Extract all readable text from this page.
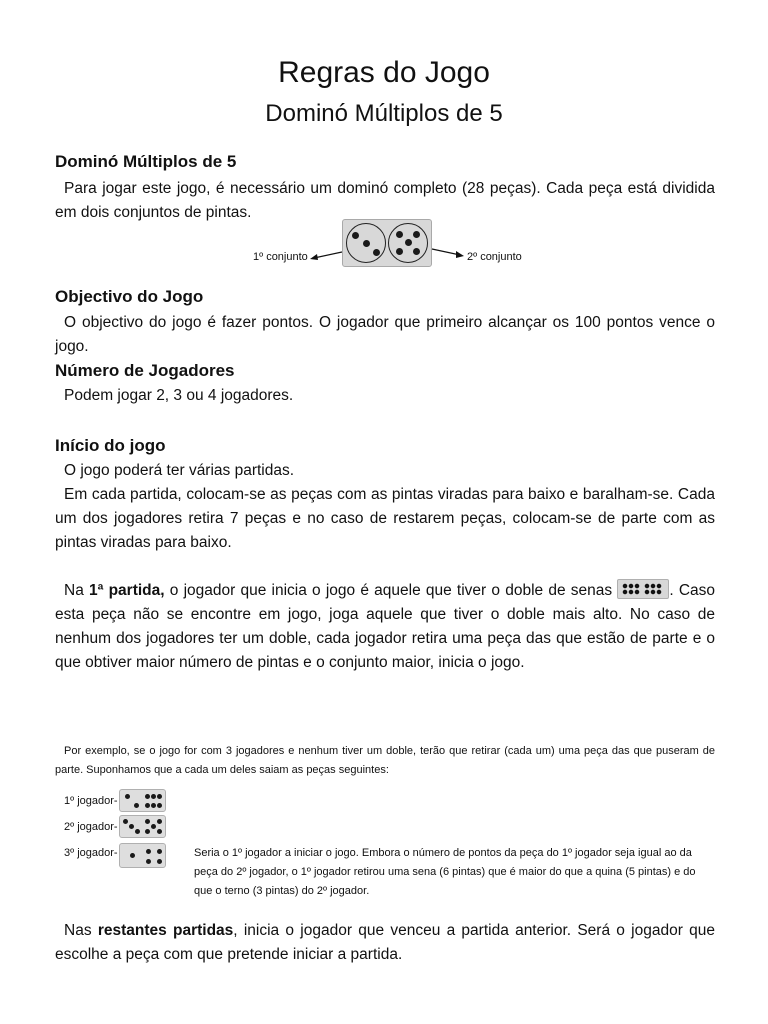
Regras do Jogo
Dominó Múltiplos de 5
Dominó Múltiplos de 5

Para jogar este jogo, é necessário um dominó completo (28 peças). Cada peça está dividida em dois conjuntos de pintas.

1º conjunto	2º conjunto
Objectivo do Jogo

O objectivo do jogo é fazer pontos. O jogador que primeiro alcançar os 100 pontos vence o jogo.

Número de Jogadores

Podem jogar 2, 3 ou 4 jogadores.

Início do jogo

O jogo poderá ter várias partidas.

Em cada partida, colocam-se as peças com as pintas viradas para baixo e baralham-se. Cada um dos jogadores retira 7 peças e no caso de restarem peças, colocam-se de parte com as pintas viradas para baixo.

Na 1ª partida, o jogador que inicia o jogo é aquele que tiver o doble de senas	. Caso esta peça não se encontre em jogo, joga aquele que tiver o doble mais alto. No caso de nenhum dos jogadores ter um doble, cada jogador retira uma peça das que estão de parte e o que obtiver maior número de pintas e o conjunto maior, inicia o jogo.

Por exemplo, se o jogo for com 3 jogadores e nenhum tiver um doble, terão que retirar (cada um) uma peça das que puseram de parte. Suponhamos que a cada um deles saiam as peças seguintes:

1º jogador-
2º jogador-
3º jogador-	Seria o 1º jogador a iniciar o jogo. Embora o número de pontos da peça do 1º jogador seja igual ao da peça do 2º jogador, o 1º jogador retirou uma sena (6 pintas) que é maior do que a quina (5 pintas) e do que o terno (3 pintas) do 2º jogador.

Nas restantes partidas, inicia o jogador que venceu a partida anterior. Será o jogador que escolhe a peça com que pretende iniciar a partida.
